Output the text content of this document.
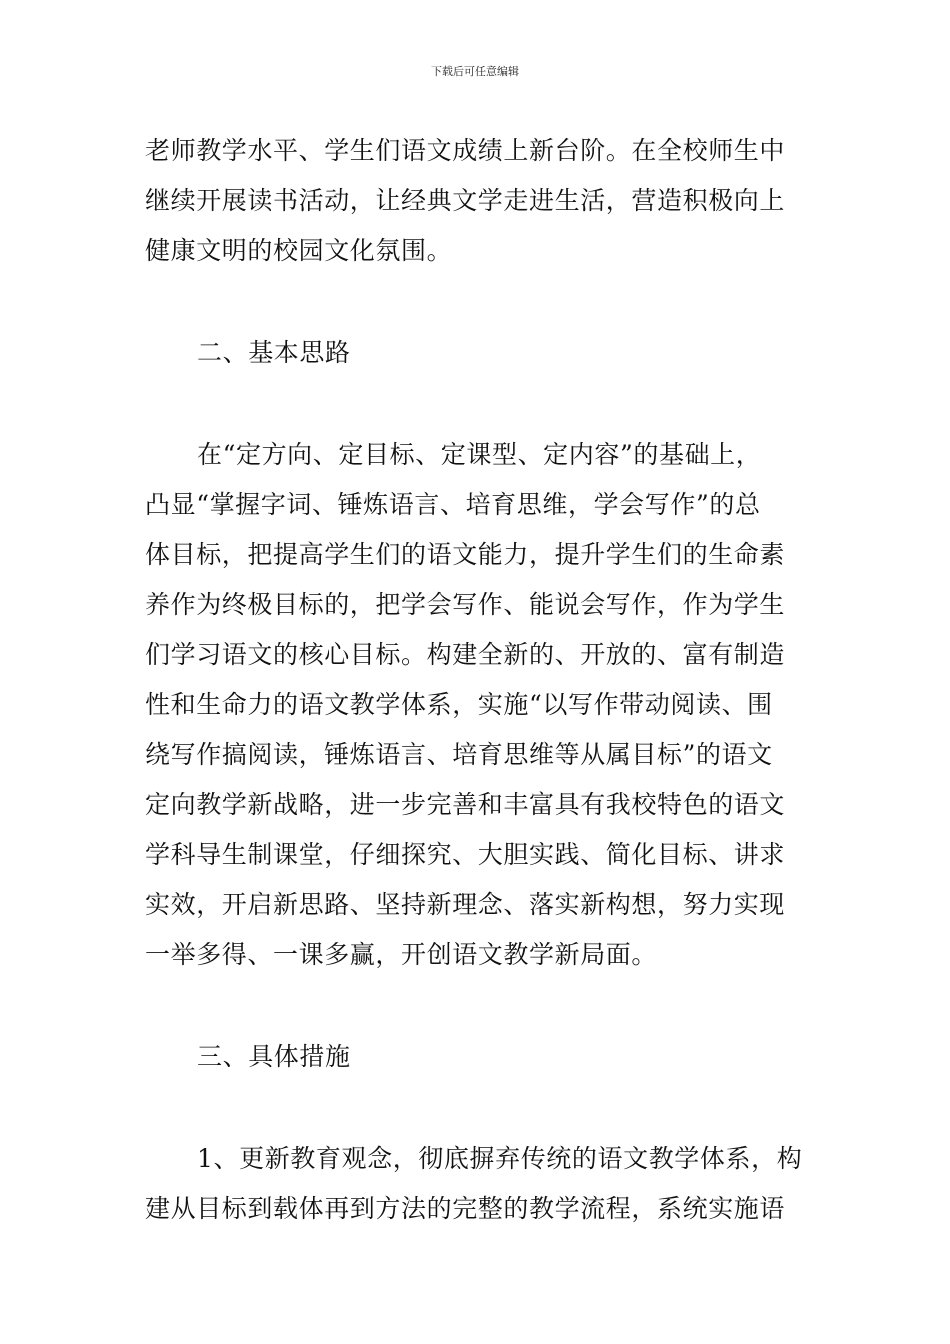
下载后可任意编辑
老师教学水平、学生们语文成绩上新台阶。在全校师生中
继续开展读书活动，让经典文学走进生活，营造积极向上
健康文明的校园文化氛围。
二、基本思路
在“定方向、定目标、定课型、定内容”的基础上，
凸显“掌握字词、锤炼语言、培育思维，学会写作”的总
体目标，把提高学生们的语文能力，提升学生们的生命素
养作为终极目标的，把学会写作、能说会写作，作为学生
们学习语文的核心目标。构建全新的、开放的、富有制造
性和生命力的语文教学体系，实施“以写作带动阅读、围
绕写作搞阅读，锤炼语言、培育思维等从属目标”的语文
定向教学新战略，进一步完善和丰富具有我校特色的语文
学科导生制课堂，仔细探究、大胆实践、简化目标、讲求
实效，开启新思路、坚持新理念、落实新构想，努力实现
一举多得、一课多赢，开创语文教学新局面。
三、具体措施
1、更新教育观念，彻底摒弃传统的语文教学体系，构
建从目标到载体再到方法的完整的教学流程，系统实施语
